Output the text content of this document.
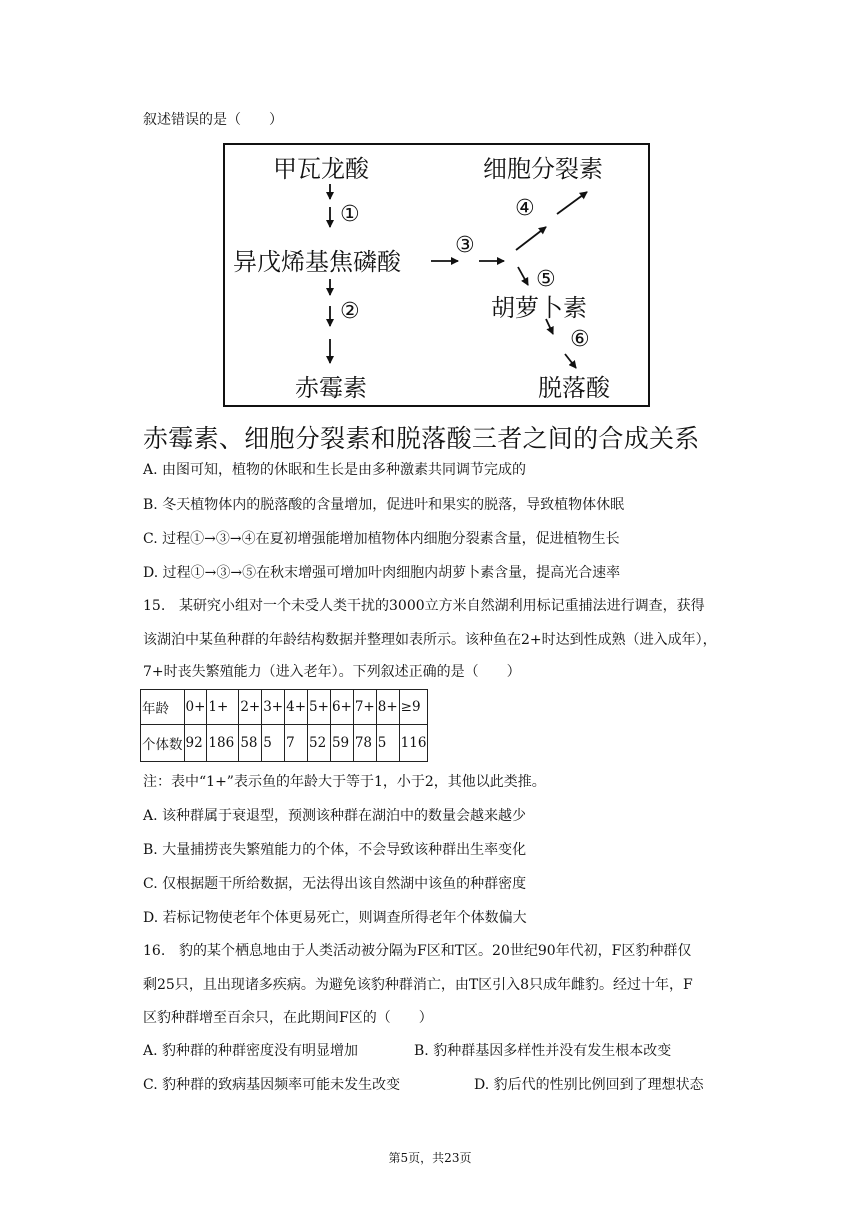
叙述错误的是（　　）
甲瓦龙酸
异戊烯基焦磷酸
赤霉素
细胞分裂素
胡萝卜素
脱落酸
①
②
③
④
⑤
⑥
赤霉素、细胞分裂素和脱落酸三者之间的合成关系
A. 由图可知，植物的休眠和生长是由多种激素共同调节完成的
B. 冬天植物体内的脱落酸的含量增加，促进叶和果实的脱落，导致植物体休眠
C. 过程①→③→④在夏初增强能增加植物体内细胞分裂素含量，促进植物生长
D. 过程①→③→⑤在秋末增强可增加叶肉细胞内胡萝卜素含量，提高光合速率
15. 某研究小组对一个未受人类干扰的3000立方米自然湖利用标记重捕法进行调查，获得
该湖泊中某鱼种群的年龄结构数据并整理如表所示。该种鱼在2+时达到性成熟（进入成年），
7+时丧失繁殖能力（进入老年）。下列叙述正确的是（　　）
年龄	0+	1+	2+	3+	4+	5+	6+	7+	8+	≥9
个体数	92	186	58	5	7	52	59	78	5	116
注：表中“1+”表示鱼的年龄大于等于1，小于2，其他以此类推。
A. 该种群属于衰退型，预测该种群在湖泊中的数量会越来越少
B. 大量捕捞丧失繁殖能力的个体，不会导致该种群出生率变化
C. 仅根据题干所给数据，无法得出该自然湖中该鱼的种群密度
D. 若标记物使老年个体更易死亡，则调查所得老年个体数偏大
16. 豹的某个栖息地由于人类活动被分隔为F区和T区。20世纪90年代初，F区豹种群仅
剩25只，且出现诸多疾病。为避免该豹种群消亡，由T区引入8只成年雌豹。经过十年，F
区豹种群增至百余只，在此期间F区的（　　）
A. 豹种群的种群密度没有明显增加	B. 豹种群基因多样性并没有发生根本改变
C. 豹种群的致病基因频率可能未发生改变	D. 豹后代的性别比例回到了理想状态
第5页，共23页
